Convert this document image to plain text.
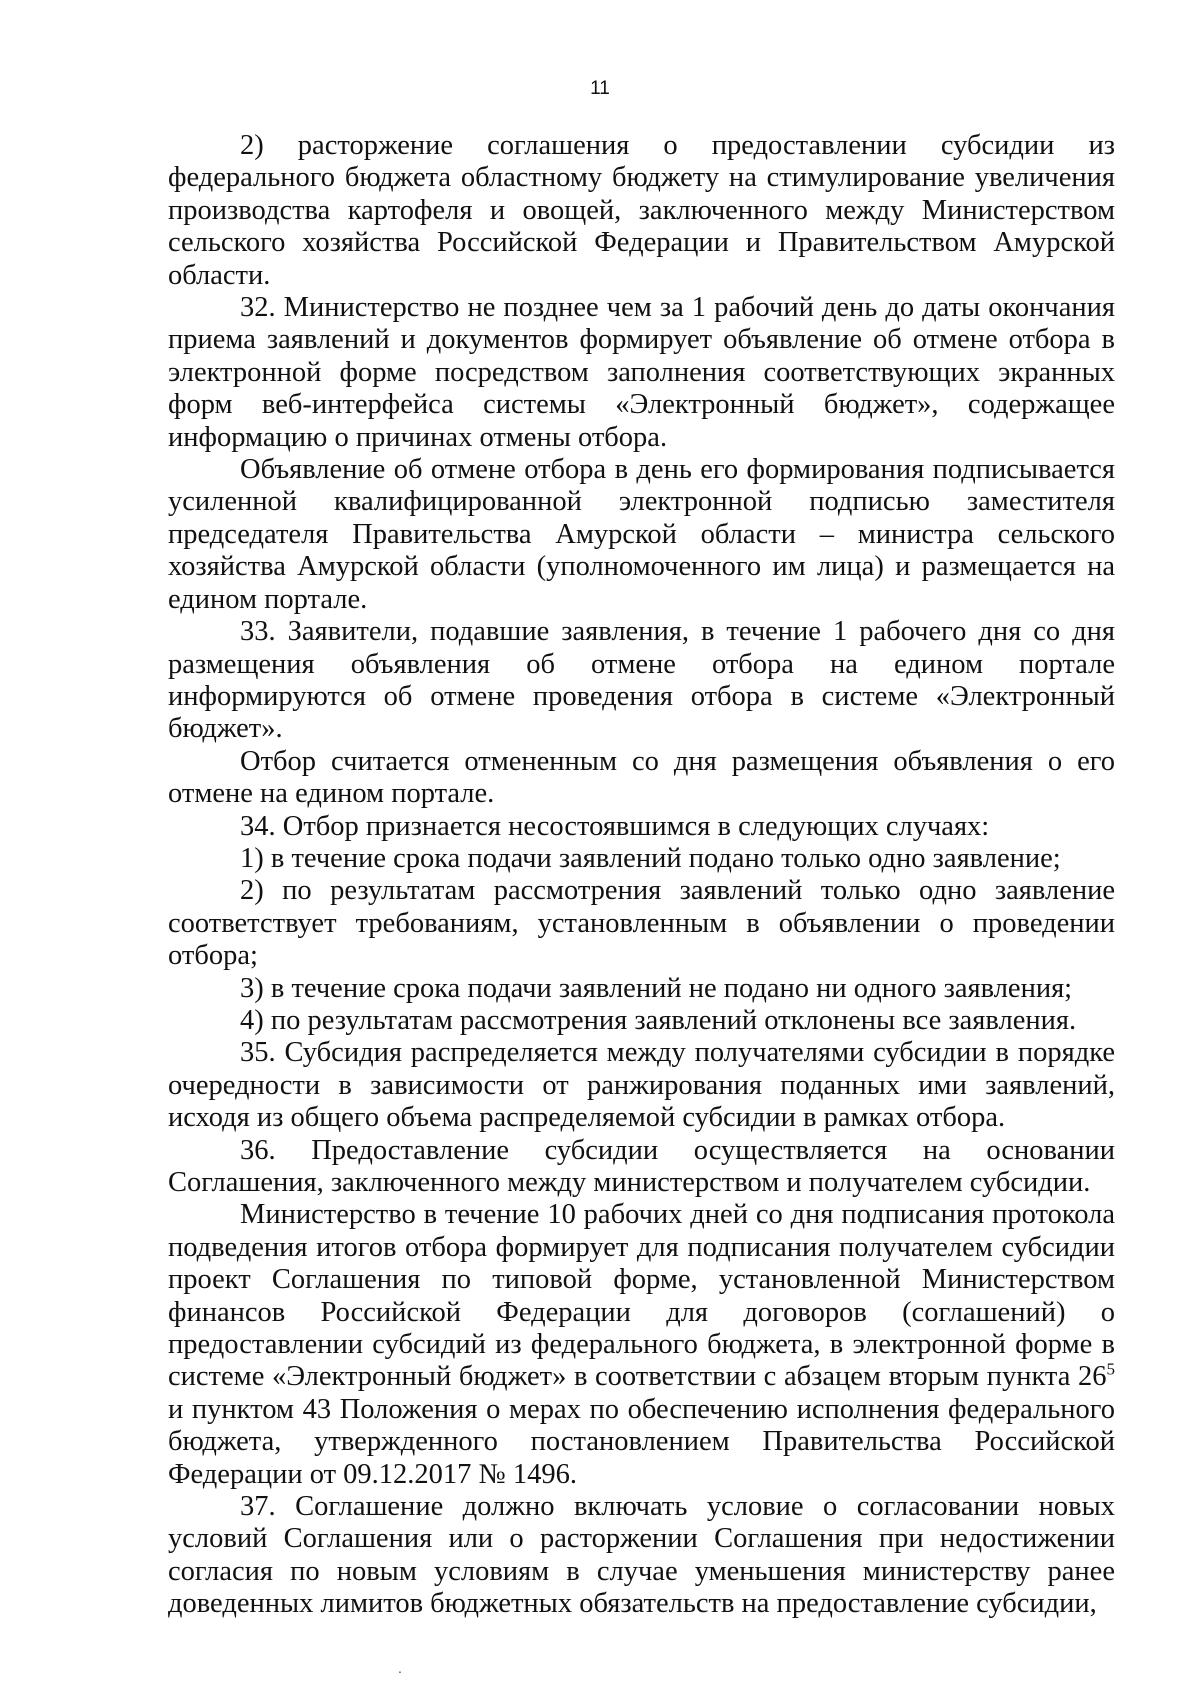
11

2) расторжение соглашения о предоставлении субсидии из федерального бюджета областному бюджету на стимулирование увеличения производства картофеля и овощей, заключенного между Министерством сельского хозяйства Российской Федерации и Правительством Амурской области.

32. Министерство не позднее чем за 1 рабочий день до даты окончания приема заявлений и документов формирует объявление об отмене отбора в электронной форме посредством заполнения соответствующих экранных форм веб-интерфейса системы «Электронный бюджет», содержащее информацию о причинах отмены отбора.

Объявление об отмене отбора в день его формирования подписывается усиленной квалифицированной электронной подписью заместителя председателя Правительства Амурской области – министра сельского хозяйства Амурской области (уполномоченного им лица) и размещается на едином портале.

33. Заявители, подавшие заявления, в течение 1 рабочего дня со дня размещения объявления об отмене отбора на едином портале информируются об отмене проведения отбора в системе «Электронный бюджет».

Отбор считается отмененным со дня размещения объявления о его отмене на едином портале.

34. Отбор признается несостоявшимся в следующих случаях:

1) в течение срока подачи заявлений подано только одно заявление;

2) по результатам рассмотрения заявлений только одно заявление соответствует требованиям, установленным в объявлении о проведении отбора;

3) в течение срока подачи заявлений не подано ни одного заявления;

4) по результатам рассмотрения заявлений отклонены все заявления.

35. Субсидия распределяется между получателями субсидии в порядке очередности в зависимости от ранжирования поданных ими заявлений, исходя из общего объема распределяемой субсидии в рамках отбора.

36. Предоставление субсидии осуществляется на основании Соглашения, заключенного между министерством и получателем субсидии.

Министерство в течение 10 рабочих дней со дня подписания протокола подведения итогов отбора формирует для подписания получателем субсидии проект Соглашения по типовой форме, установленной Министерством финансов Российской Федерации для договоров (соглашений) о предоставлении субсидий из федерального бюджета, в электронной форме в системе «Электронный бюджет» в соответствии с абзацем вторым пункта $26^5$ и пунктом 43 Положения о мерах по обеспечению исполнения федерального бюджета, утвержденного постановлением Правительства Российской Федерации от 09.12.2017 № 1496.

37. Соглашение должно включать условие о согласовании новых условий Соглашения или о расторжении Соглашения при недостижении согласия по новым условиям в случае уменьшения министерству ранее доведенных лимитов бюджетных обязательств на предоставление субсидии,

.
